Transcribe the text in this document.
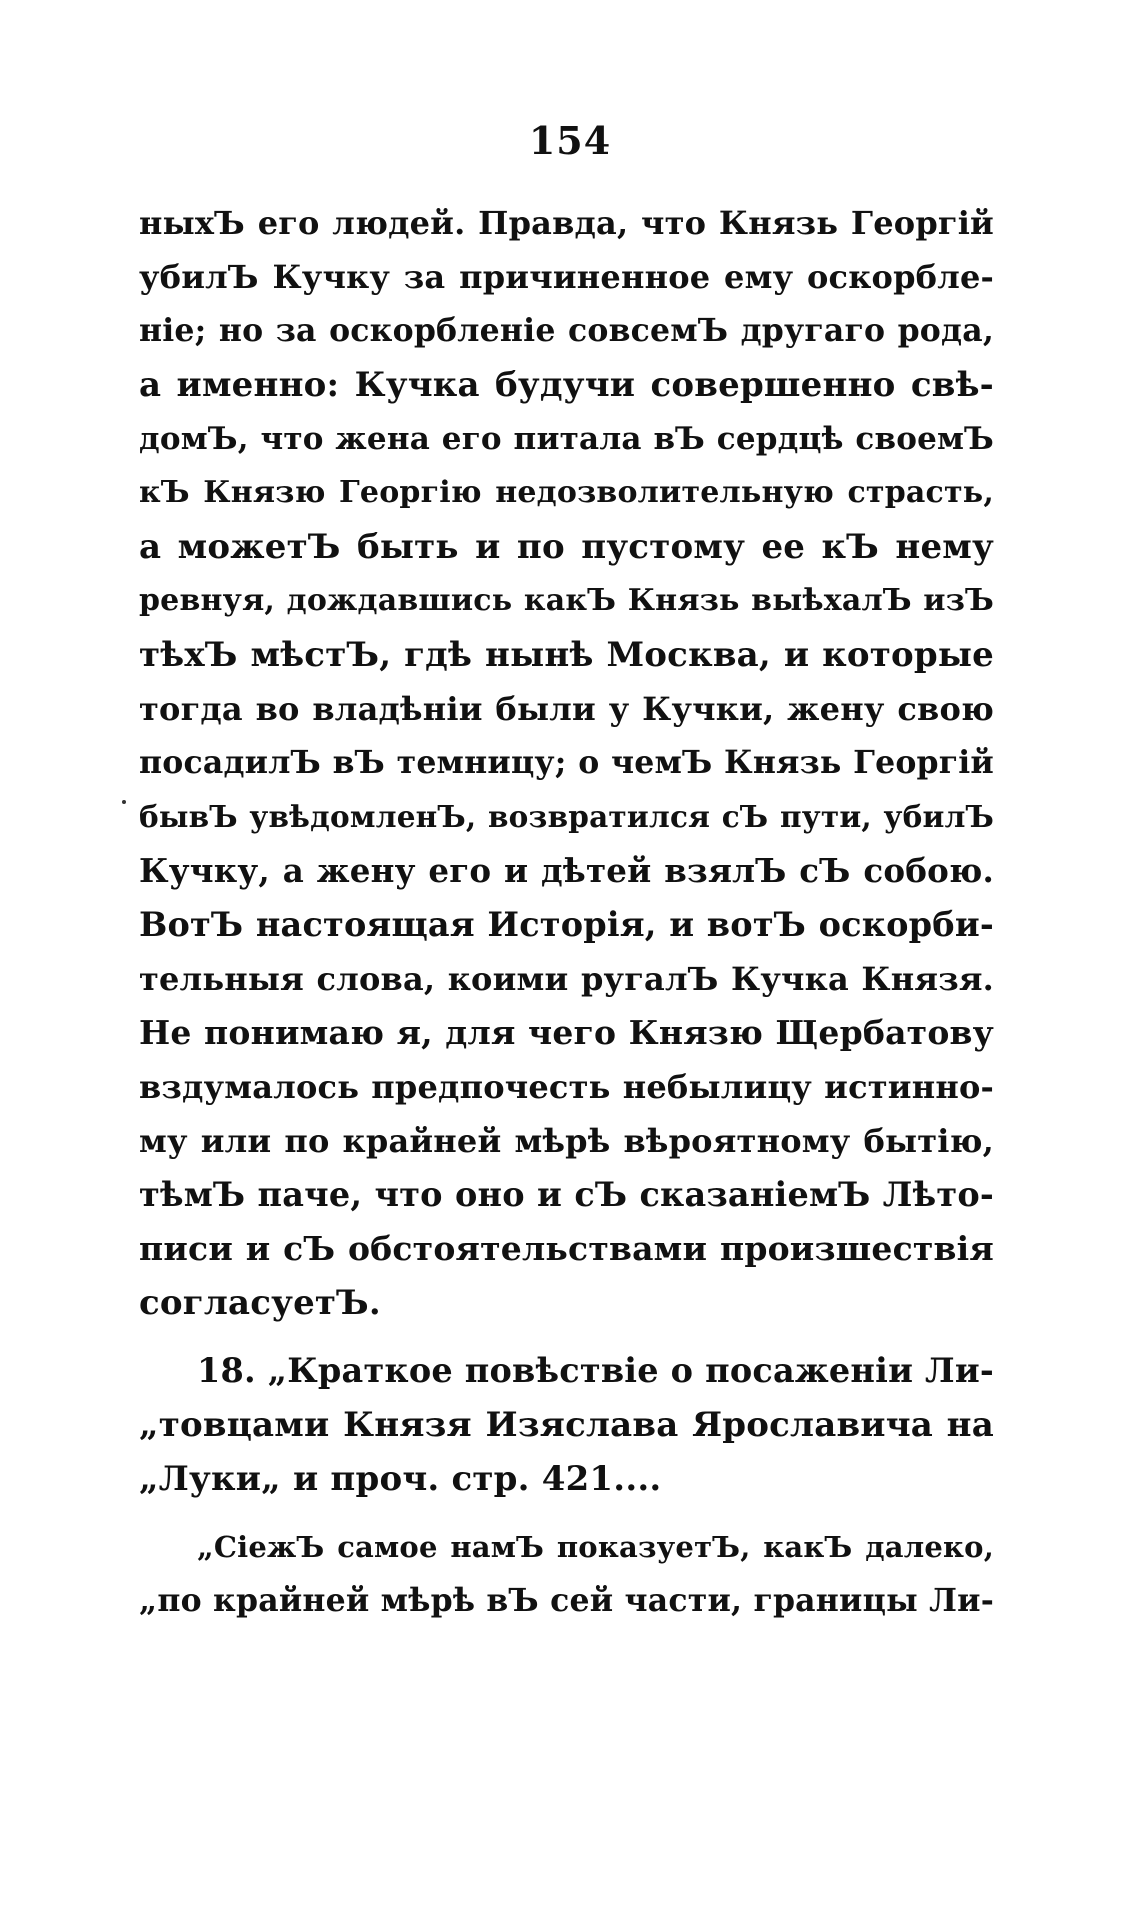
154
ныхЪ его людей. Правда, что Князь Георгій
убилЪ Кучку за причиненное ему оскорбле-
ніе; но за оскорбленіе совсемЪ другаго рода,
а именно: Кучка будучи совершенно свѣ-
домЪ, что жена его питала вЪ сердцѣ своемЪ
кЪ Князю Георгію недозволительную страсть,
а можетЪ быть и по пустому ее кЪ нему
ревнуя, дождавшись какЪ Князь выѣхалЪ изЪ
тѣхЪ мѣстЪ, гдѣ нынѣ Москва, и которые
тогда во владѣніи были у Кучки, жену свою
посадилЪ вЪ темницу; о чемЪ Князь Георгій
бывЪ увѣдомленЪ, возвратился сЪ пути, убилЪ
Кучку, а жену его и дѣтей взялЪ сЪ собою.
ВотЪ настоящая Исторія, и вотЪ оскорби-
тельныя слова, коими ругалЪ Кучка Князя.
Не понимаю я, для чего Князю Щербатову
вздумалось предпочесть небылицу истинно-
му или по крайней мѣрѣ вѣроятному бытію,
тѣмЪ паче, что оно и сЪ сказаніемЪ Лѣто-
писи и сЪ обстоятельствами произшествія
согласуетЪ.
18. „Краткое повѣствіе о посаженіи Ли-
„товцами Князя Изяслава Ярославича на
„Луки„ и проч. стр. 421....
„СіежЪ самое намЪ показуетЪ, какЪ далеко,
„по крайней мѣрѣ вЪ сей части, границы Ли-
